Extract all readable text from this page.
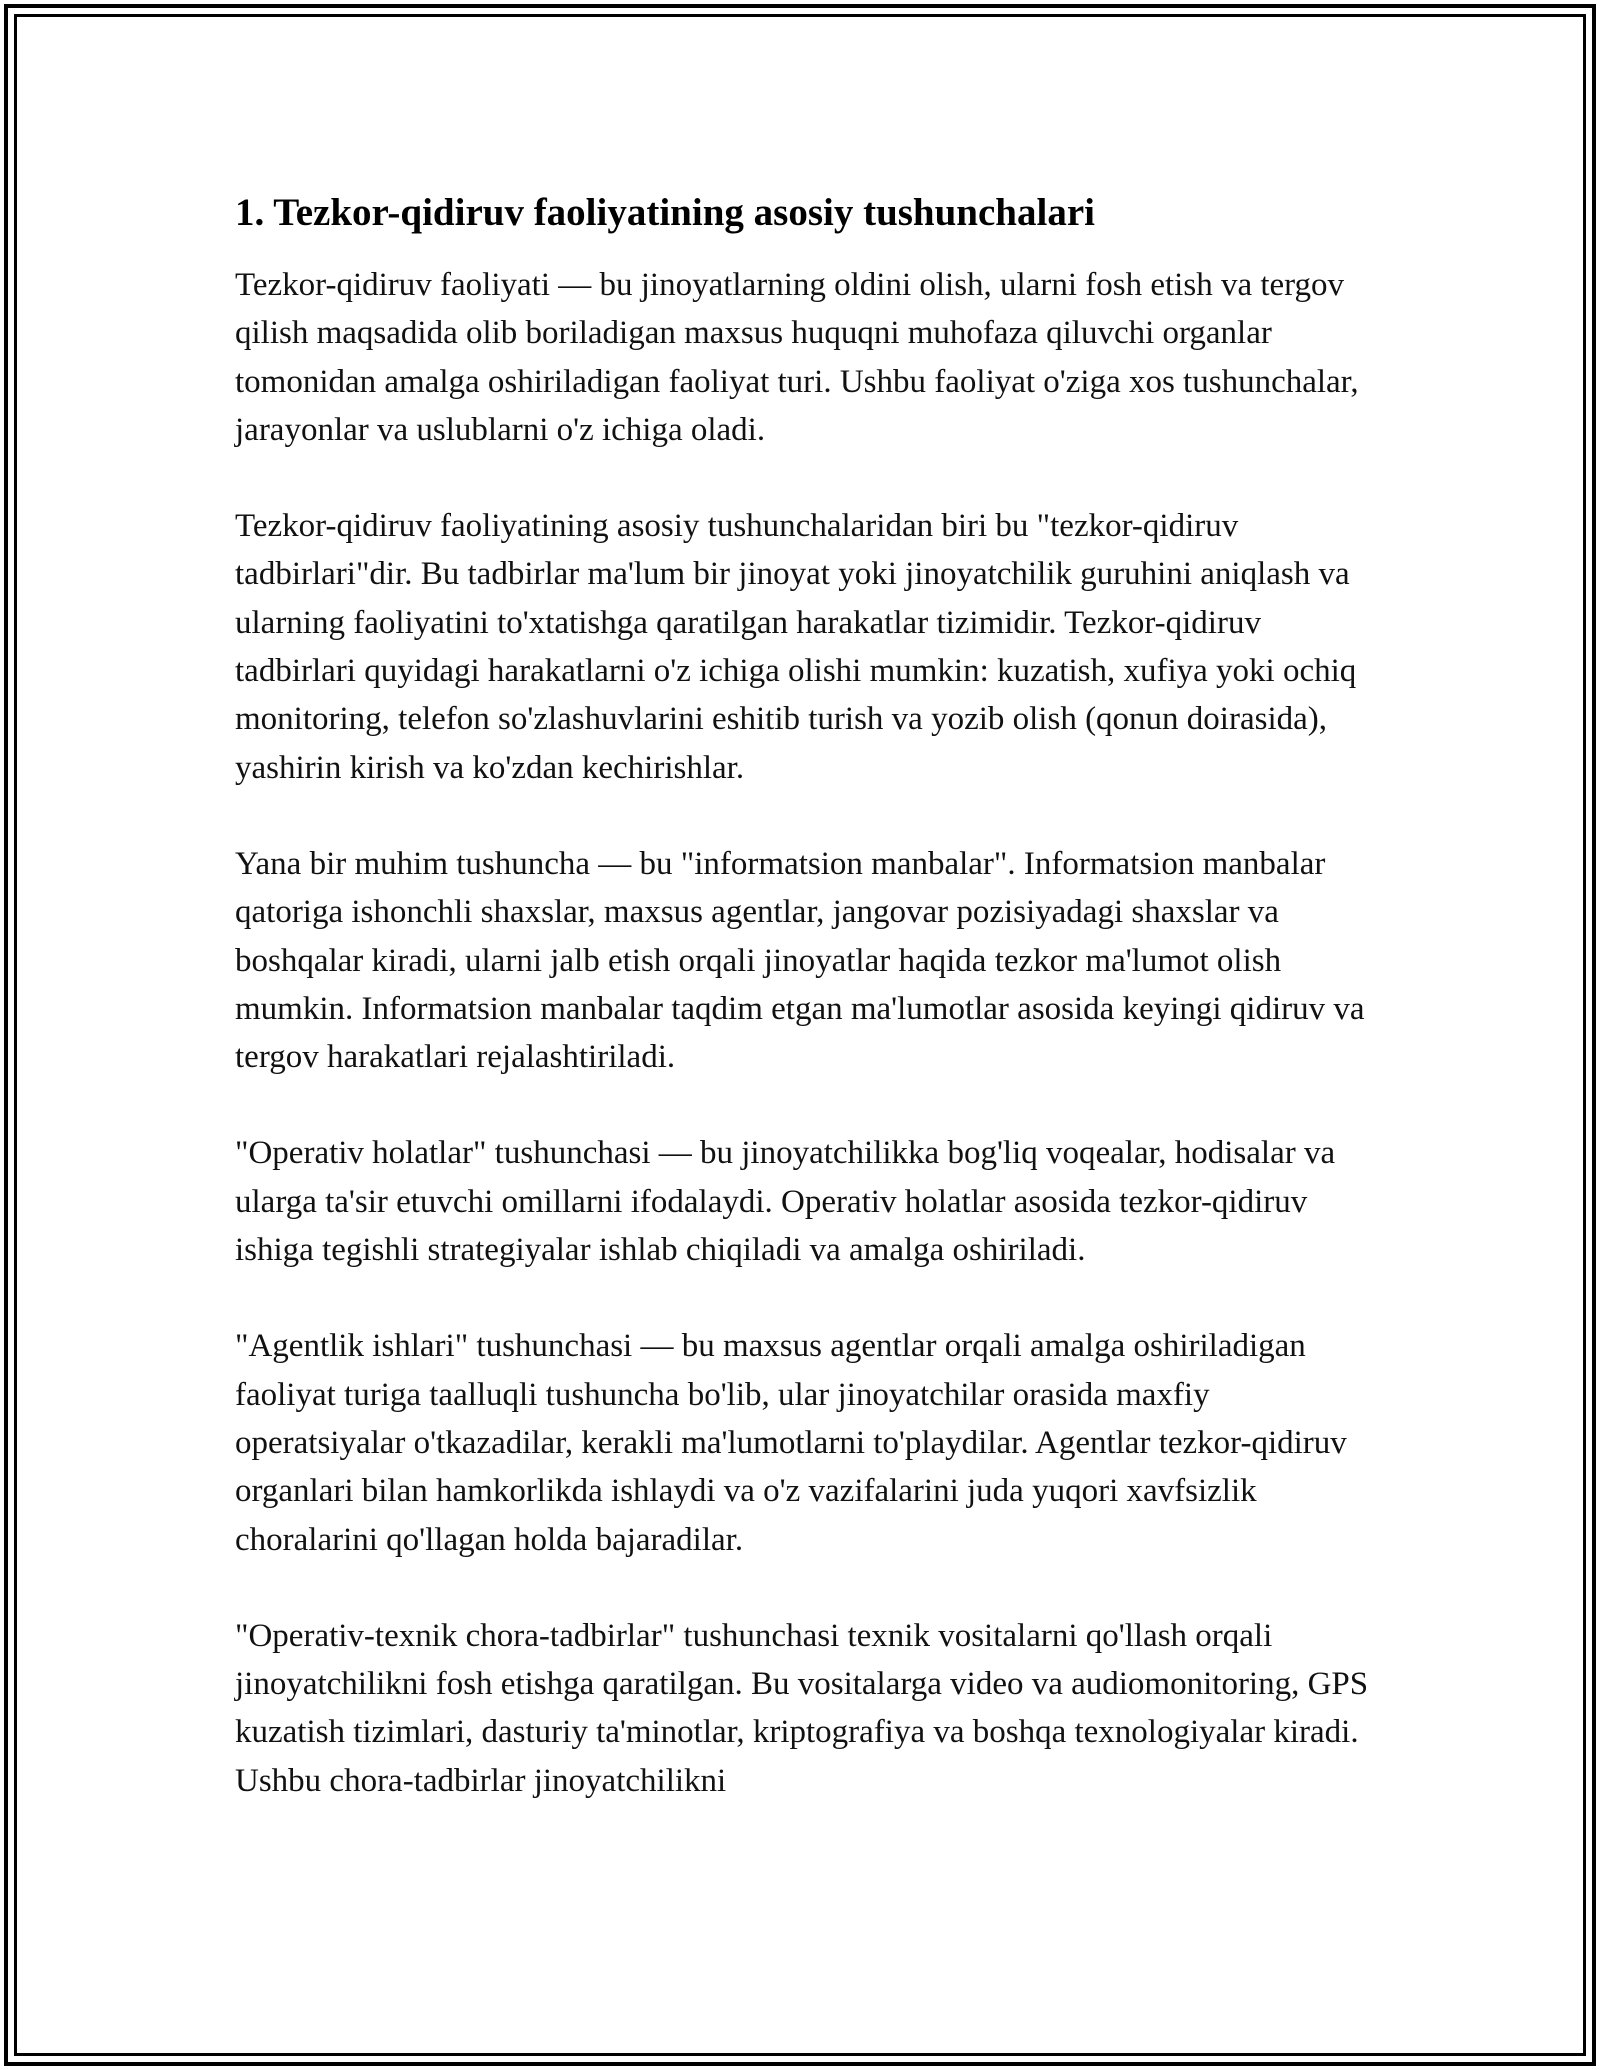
1. Tezkor-qidiruv faoliyatining asosiy tushunchalari

Tezkor-qidiruv faoliyati — bu jinoyatlarning oldini olish, ularni fosh etish va tergov qilish maqsadida olib boriladigan maxsus huquqni muhofaza qiluvchi organlar tomonidan amalga oshiriladigan faoliyat turi. Ushbu faoliyat o'ziga xos tushunchalar, jarayonlar va uslublarni o'z ichiga oladi.

Tezkor-qidiruv faoliyatining asosiy tushunchalaridan biri bu "tezkor-qidiruv tadbirlari"dir. Bu tadbirlar ma'lum bir jinoyat yoki jinoyatchilik guruhini aniqlash va ularning faoliyatini to'xtatishga qaratilgan harakatlar tizimidir. Tezkor-qidiruv tadbirlari quyidagi harakatlarni o'z ichiga olishi mumkin: kuzatish, xufiya yoki ochiq monitoring, telefon so'zlashuvlarini eshitib turish va yozib olish (qonun doirasida), yashirin kirish va ko'zdan kechirishlar.

Yana bir muhim tushuncha — bu "informatsion manbalar". Informatsion manbalar qatoriga ishonchli shaxslar, maxsus agentlar, jangovar pozisiyadagi shaxslar va boshqalar kiradi, ularni jalb etish orqali jinoyatlar haqida tezkor ma'lumot olish mumkin. Informatsion manbalar taqdim etgan ma'lumotlar asosida keyingi qidiruv va tergov harakatlari rejalashtiriladi.

"Operativ holatlar" tushunchasi — bu jinoyatchilikka bog'liq voqealar, hodisalar va ularga ta'sir etuvchi omillarni ifodalaydi. Operativ holatlar asosida tezkor-qidiruv ishiga tegishli strategiyalar ishlab chiqiladi va amalga oshiriladi.

"Agentlik ishlari" tushunchasi — bu maxsus agentlar orqali amalga oshiriladigan faoliyat turiga taalluqli tushuncha bo'lib, ular jinoyatchilar orasida maxfiy operatsiyalar o'tkazadilar, kerakli ma'lumotlarni to'playdilar. Agentlar tezkor-qidiruv organlari bilan hamkorlikda ishlaydi va o'z vazifalarini juda yuqori xavfsizlik choralarini qo'llagan holda bajaradilar.

"Operativ-texnik chora-tadbirlar" tushunchasi texnik vositalarni qo'llash orqali jinoyatchilikni fosh etishga qaratilgan. Bu vositalarga video va audiomonitoring, GPS kuzatish tizimlari, dasturiy ta'minotlar, kriptografiya va boshqa texnologiyalar kiradi. Ushbu chora-tadbirlar jinoyatchilikni
